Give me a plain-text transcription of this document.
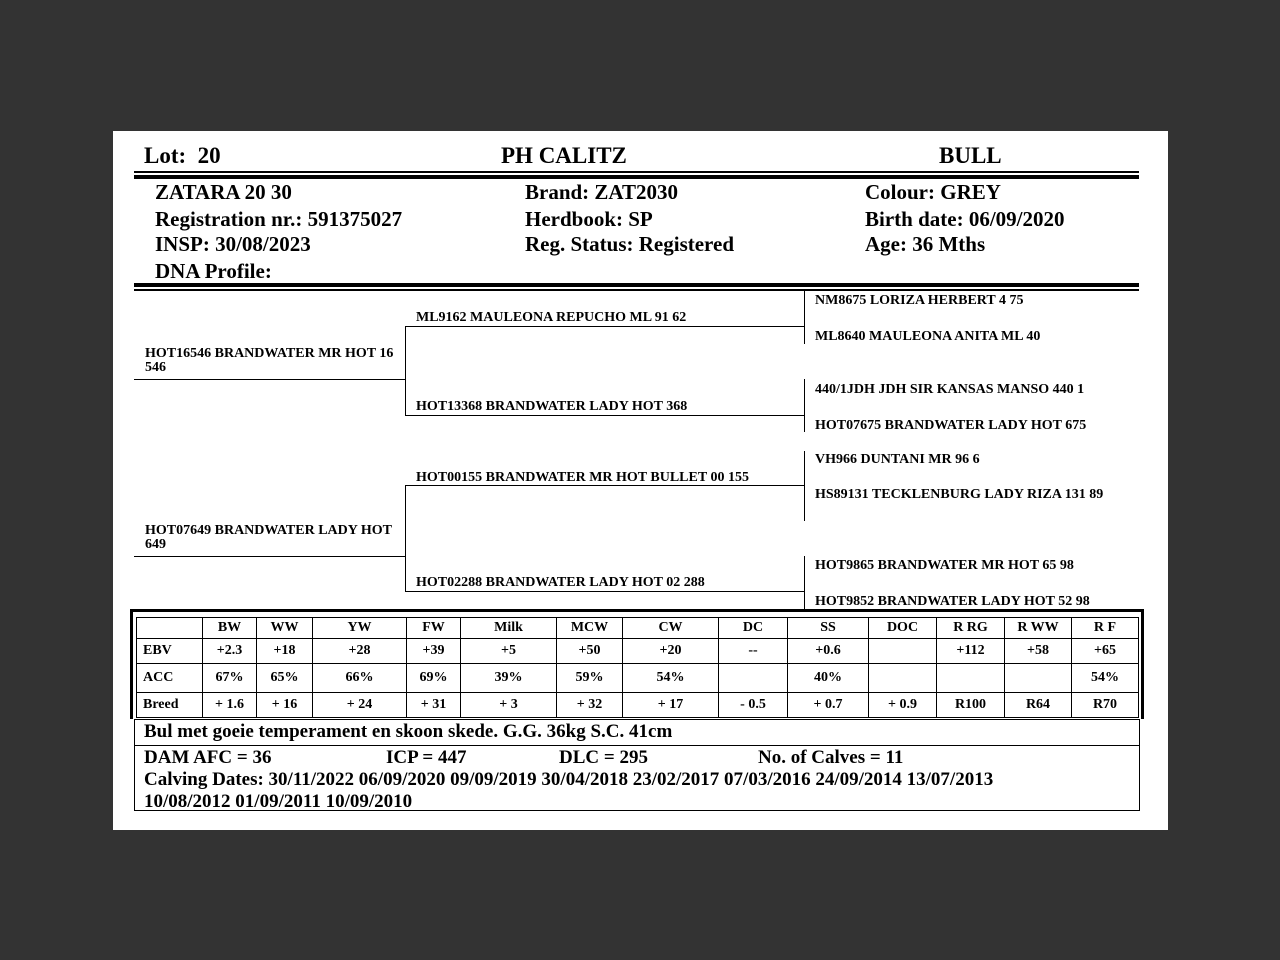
Lot: 20	PH CALITZ	BULL
ZATARA 20 30
Registration nr.: 591375027
INSP: 30/08/2023
DNA Profile:
Brand: ZAT2030
Herdbook: SP
Reg. Status: Registered
Colour: GREY
Birth date: 06/09/2020
Age: 36 Mths
HOT16546 BRANDWATER MR HOT 16 546
HOT07649 BRANDWATER LADY HOT 649
ML9162 MAULEONA REPUCHO ML 91 62
HOT13368 BRANDWATER LADY HOT 368
HOT00155 BRANDWATER MR HOT BULLET 00 155
HOT02288 BRANDWATER LADY HOT 02 288
NM8675 LORIZA HERBERT 4 75
ML8640 MAULEONA ANITA ML 40
440/1JDH JDH SIR KANSAS MANSO 440 1
HOT07675 BRANDWATER LADY HOT 675
VH966 DUNTANI MR 96 6
HS89131 TECKLENBURG LADY RIZA 131 89
HOT9865 BRANDWATER MR HOT 65 98
HOT9852 BRANDWATER LADY HOT 52 98
	BW	WW	YW	FW	Milk	MCW	CW	DC	SS	DOC	R RG	R WW	R F
EBV	+2.3	+18	+28	+39	+5	+50	+20	--	+0.6		+112	+58	+65
ACC	67%	65%	66%	69%	39%	59%	54%		40%				54%
Breed	+ 1.6	+ 16	+ 24	+ 31	+ 3	+ 32	+ 17	- 0.5	+ 0.7	+ 0.9	R100	R64	R70
Bul met goeie temperament en skoon skede. G.G. 36kg S.C. 41cm
DAM AFC = 36	ICP = 447	DLC = 295	No. of Calves = 11
Calving Dates: 30/11/2022 06/09/2020 09/09/2019 30/04/2018 23/02/2017 07/03/2016 24/09/2014 13/07/2013
10/08/2012 01/09/2011 10/09/2010
